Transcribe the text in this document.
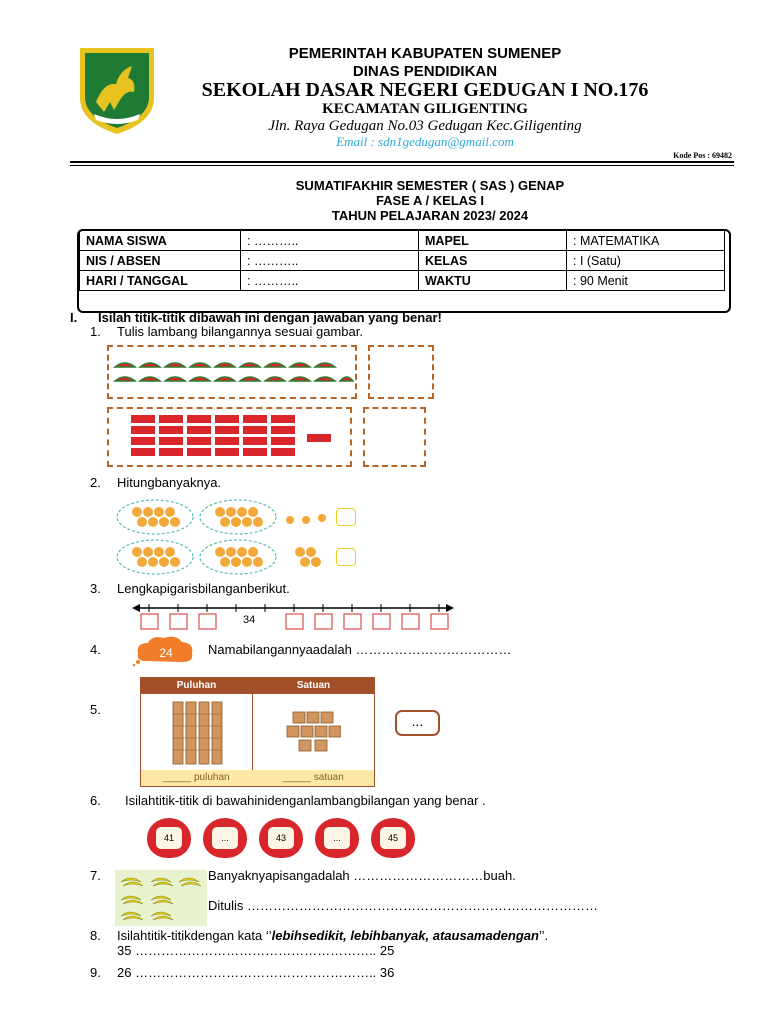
PEMERINTAH KABUPATEN SUMENEP
DINAS PENDIDIKAN
SEKOLAH DASAR NEGERI GEDUGAN I NO.176
KECAMATAN GILIGENTING
Jln. Raya Gedugan No.03 Gedugan Kec.Giligenting
Email : sdn1gedugan@gmail.com
Kode Pos : 69482
SUMATIFAKHIR SEMESTER ( SAS ) GENAP
FASE A / KELAS I
TAHUN PELAJARAN 2023/ 2024
NAMA SISWA	: ………..	MAPEL	: MATEMATIKA
NIS / ABSEN	: ………..	KELAS	: I (Satu)
HARI / TANGGAL	: ………..	WAKTU	: 90 Menit
I. Isilah titik-titik dibawah ini dengan jawaban yang benar!
1. Tulis lambang bilangannya sesuai gambar.
2. Hitungbanyaknya.
3. Lengkapigarisbilanganberikut.
34
4.	24	Namabilangannyaadalah ………………………………
5.
Puluhan	Satuan
_____ puluhan	_____ satuan
...
6. Isilahtitik-titik di bawahinidenganlambangbilangan yang benar .
41	...	43	...	45
7.	Banyaknyapisangadalah …………………………buah.
Ditulis ………………………………………………………………………
8. Isilahtitik-titikdengan kata ‘’lebihsedikit, lebihbanyak, atausamadengan’’.
35 ……………………………………………….. 25
9. 26 ……………………………………………….. 36
